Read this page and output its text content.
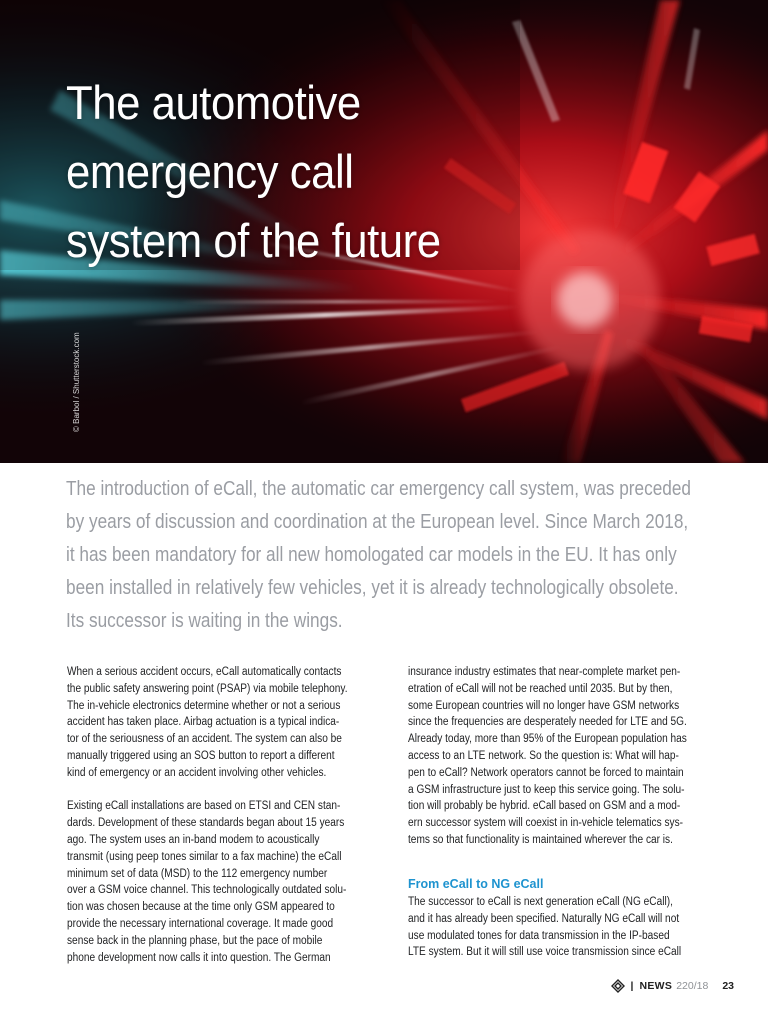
The automotive
emergency call
system of the future
© Barbol / Shutterstock.com

The introduction of eCall, the automatic car emergency call system, was preceded
by years of discussion and coordination at the European level. Since March 2018,
it has been mandatory for all new homologated car models in the EU. It has only
been installed in relatively few vehicles, yet it is already technologically obsolete.
Its successor is waiting in the wings.

When a serious accident occurs, eCall automatically contacts
the public safety answering point (PSAP) via mobile telephony.
The in-vehicle electronics determine whether or not a serious
accident has taken place. Airbag actuation is a typical indica-
tor of the seriousness of an accident. The system can also be
manually triggered using an SOS button to report a different
kind of emergency or an accident involving other vehicles.
Existing eCall installations are based on ETSI and CEN stan-
dards. Development of these standards began about 15 years
ago. The system uses an in-band modem to acoustically
transmit (using peep tones similar to a fax machine) the eCall
minimum set of data (MSD) to the 112 emergency number
over a GSM voice channel. This technologically outdated solu-
tion was chosen because at the time only GSM appeared to
provide the necessary international coverage. It made good
sense back in the planning phase, but the pace of mobile
phone development now calls it into question. The German
insurance industry estimates that near-complete market pen-
etration of eCall will not be reached until 2035. But by then,
some European countries will no longer have GSM networks
since the frequencies are desperately needed for LTE and 5G.
Already today, more than 95% of the European population has
access to an LTE network. So the question is: What will hap-
pen to eCall? Network operators cannot be forced to maintain
a GSM infrastructure just to keep this service going. The solu-
tion will probably be hybrid. eCall based on GSM and a mod-
ern successor system will coexist in in-vehicle telematics sys-
tems so that functionality is maintained wherever the car is.
From eCall to NG eCall
The successor to eCall is next generation eCall (NG eCall),
and it has already been specified. Naturally NG eCall will not
use modulated tones for data transmission in the IP-based
LTE system. But it will still use voice transmission since eCall
| NEWS 220/18 23
